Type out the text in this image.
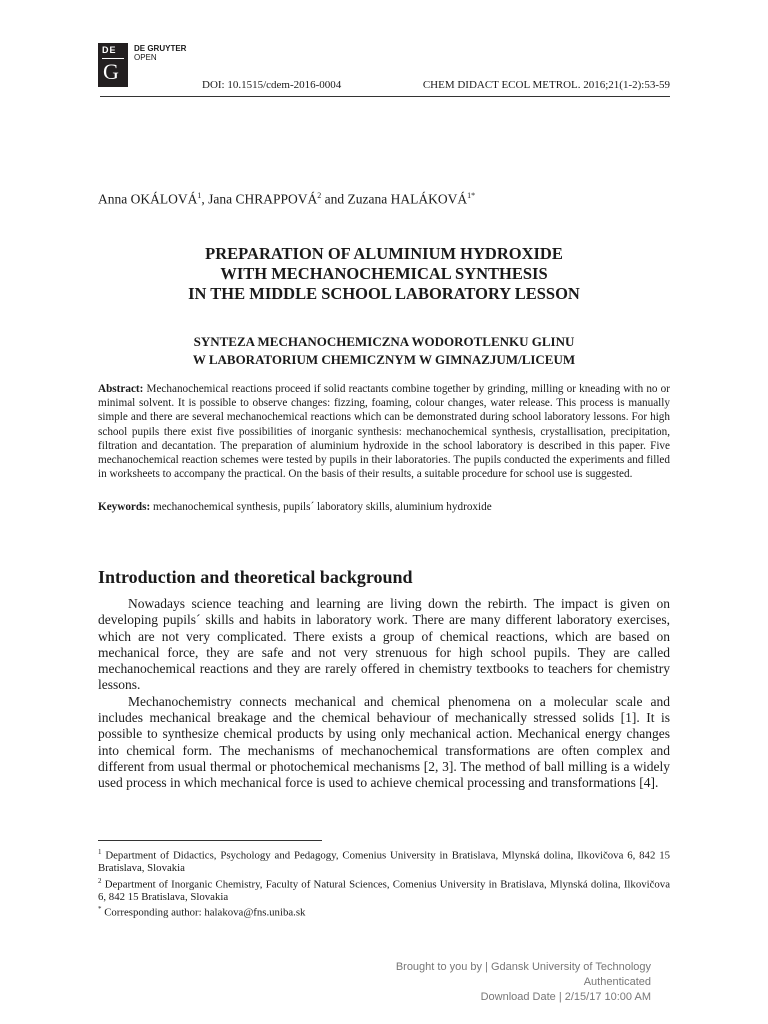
DE
G
DE GRUYTER
OPEN
DOI: 10.1515/cdem-2016-0004	CHEM DIDACT ECOL METROL. 2016;21(1-2):53-59
Anna OKÁLOVÁ$^1$, Jana CHRAPPOVÁ$^2$ and Zuzana $HALÁKOVÁ^{1*}$
PREPARATION OF ALUMINIUM HYDROXIDE
WITH MECHANOCHEMICAL SYNTHESIS
IN THE MIDDLE SCHOOL LABORATORY LESSON
SYNTEZA MECHANOCHEMICZNA WODOROTLENKU GLINU
W LABORATORIUM CHEMICZNYM W GIMNAZJUM/LICEUM
Abstract: Mechanochemical reactions proceed if solid reactants combine together by grinding, milling or kneading with no or minimal solvent. It is possible to observe changes: fizzing, foaming, colour changes, water release. This process is manually simple and there are several mechanochemical reactions which can be demonstrated during school laboratory lessons. For high school pupils there exist five possibilities of inorganic synthesis: mechanochemical synthesis, crystallisation, precipitation, filtration and decantation. The preparation of aluminium hydroxide in the school laboratory is described in this paper. Five mechanochemical reaction schemes were tested by pupils in their laboratories. The pupils conducted the experiments and filled in worksheets to accompany the practical. On the basis of their results, a suitable procedure for school use is suggested.
Keywords: mechanochemical synthesis, pupils´ laboratory skills, aluminium hydroxide
Introduction and theoretical background

Nowadays science teaching and learning are living down the rebirth. The impact is given on developing pupils´ skills and habits in laboratory work. There are many different laboratory exercises, which are not very complicated. There exists a group of chemical reactions, which are based on mechanical force, they are safe and not very strenuous for high school pupils. They are called mechanochemical reactions and they are rarely offered in chemistry textbooks to teachers for chemistry lessons.

Mechanochemistry connects mechanical and chemical phenomena on a molecular scale and includes mechanical breakage and the chemical behaviour of mechanically stressed solids [1]. It is possible to synthesize chemical products by using only mechanical action. Mechanical energy changes into chemical form. The mechanisms of mechanochemical transformations are often complex and different from usual thermal or photochemical mechanisms [2, 3]. The method of ball milling is a widely used process in which mechanical force is used to achieve chemical processing and transformations [4].

$^1$ Department of Didactics, Psychology and Pedagogy, Comenius University in Bratislava, Mlynská dolina, Ilkovičova 6, 842 15 Bratislava, Slovakia

$^2$ Department of Inorganic Chemistry, Faculty of Natural Sciences, Comenius University in Bratislava, Mlynská dolina, Ilkovičova 6, 842 15 Bratislava, Slovakia

* Corresponding author: halakova@fns.uniba.sk

Brought to you by | Gdansk University of Technology
Authenticated
Download Date | 2/15/17 10:00 AM
